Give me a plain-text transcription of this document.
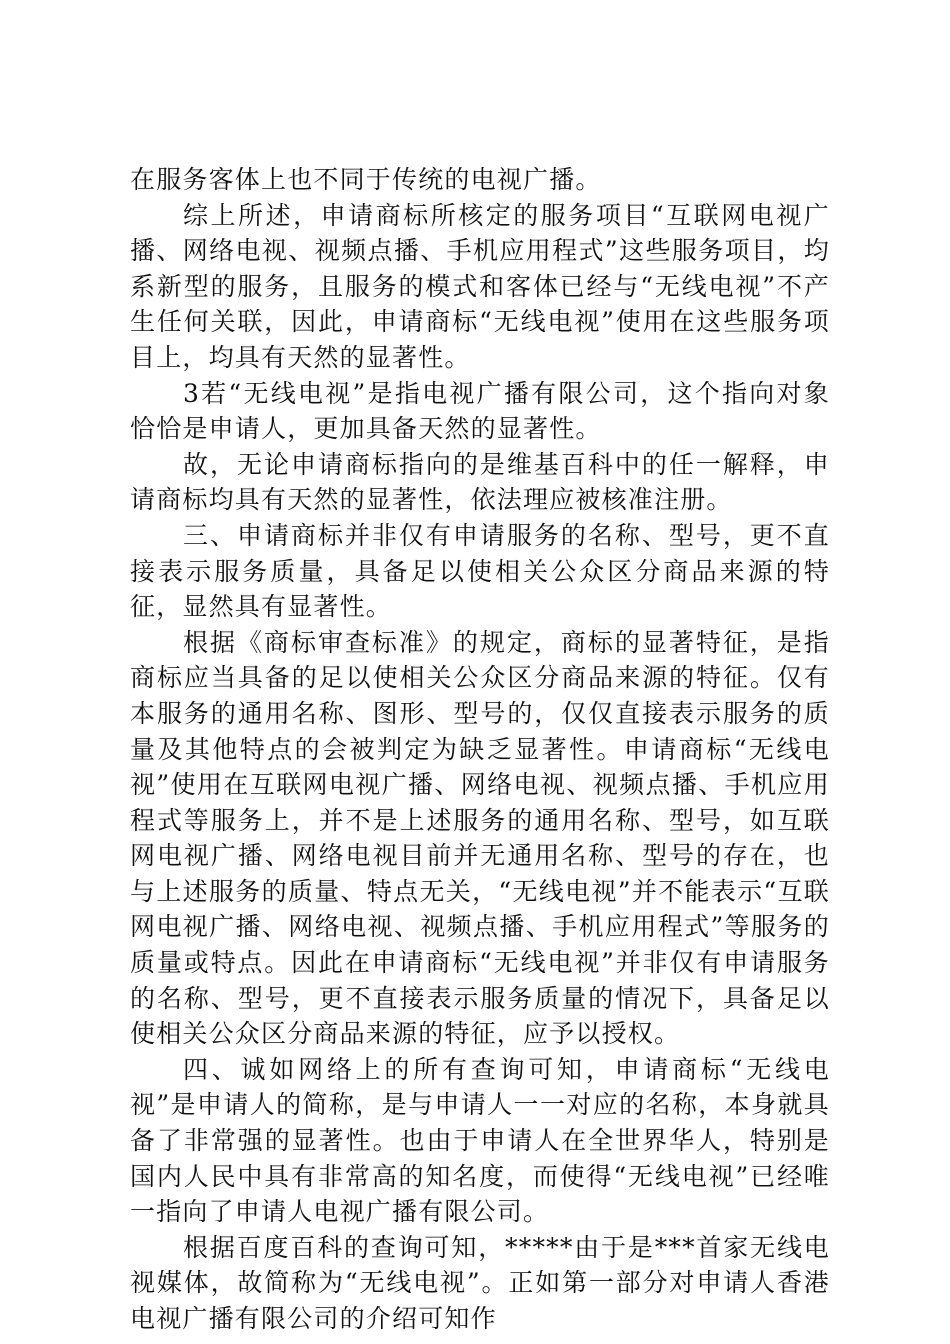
在服务客体上也不同于传统的电视广播。

综上所述，申请商标所核定的服务项目“互联网电视广播、网络电视、视频点播、手机应用程式”这些服务项目，均系新型的服务，且服务的模式和客体已经与“无线电视”不产生任何关联，因此，申请商标“无线电视”使用在这些服务项目上，均具有天然的显著性。

3若“无线电视”是指电视广播有限公司，这个指向对象恰恰是申请人，更加具备天然的显著性。

故，无论申请商标指向的是维基百科中的任一解释，申请商标均具有天然的显著性，依法理应被核准注册。

三、申请商标并非仅有申请服务的名称、型号，更不直接表示服务质量，具备足以使相关公众区分商品来源的特征，显然具有显著性。

根据《商标审查标准》的规定，商标的显著特征，是指商标应当具备的足以使相关公众区分商品来源的特征。仅有本服务的通用名称、图形、型号的，仅仅直接表示服务的质量及其他特点的会被判定为缺乏显著性。申请商标“无线电视”使用在互联网电视广播、网络电视、视频点播、手机应用程式等服务上，并不是上述服务的通用名称、型号，如互联网电视广播、网络电视目前并无通用名称、型号的存在，也与上述服务的质量、特点无关，“无线电视”并不能表示“互联网电视广播、网络电视、视频点播、手机应用程式”等服务的质量或特点。因此在申请商标“无线电视”并非仅有申请服务的名称、型号，更不直接表示服务质量的情况下，具备足以使相关公众区分商品来源的特征，应予以授权。

四、诚如网络上的所有查询可知，申请商标“无线电视”是申请人的简称，是与申请人一一对应的名称，本身就具备了非常强的显著性。也由于申请人在全世界华人，特别是国内人民中具有非常高的知名度，而使得“无线电视”已经唯一指向了申请人电视广播有限公司。

根据百度百科的查询可知，*****由于是***首家无线电视媒体，故简称为“无线电视”。正如第一部分对申请人香港电视广播有限公司的介绍可知作
